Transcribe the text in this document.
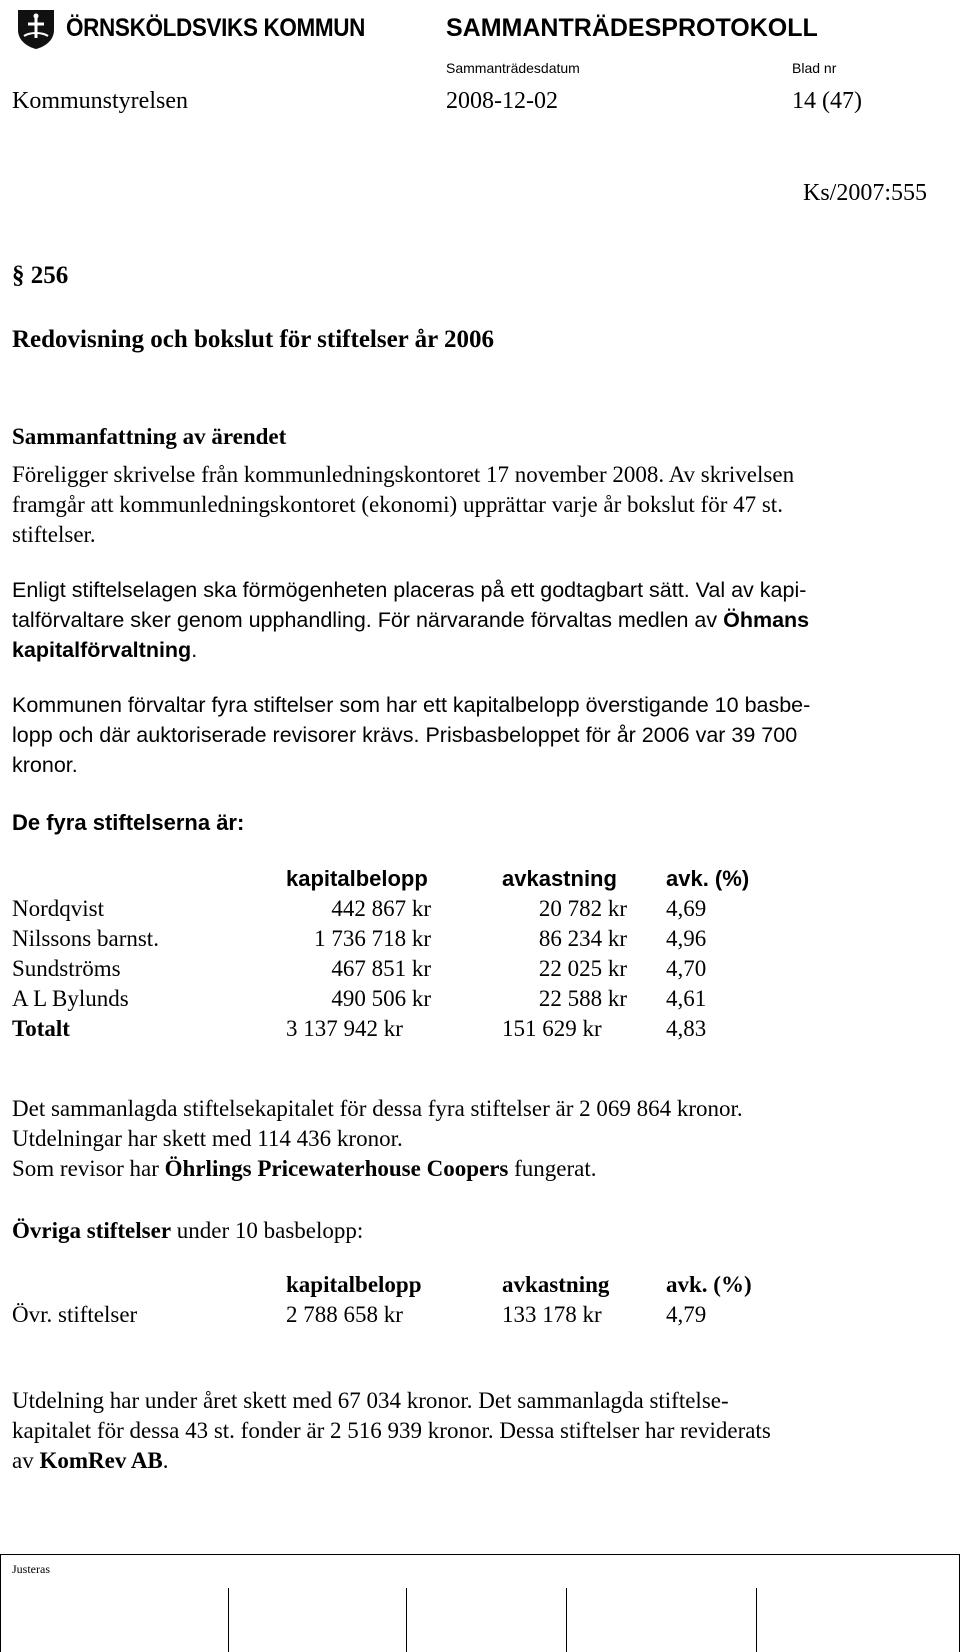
ÖRNSKÖLDSVIKS KOMMUN	SAMMANTRÄDESPROTOKOLL
Sammanträdesdatum	Blad nr
Kommunstyrelsen	2008-12-02	14 (47)
Ks/2007:555
§ 256
Redovisning och bokslut för stiftelser år 2006
Sammanfattning av ärendet

Föreligger skrivelse från kommunledningskontoret 17 november 2008. Av skrivelsen

framgår att kommunledningskontoret (ekonomi) upprättar varje år bokslut för 47 st.

stiftelser.

Enligt stiftelselagen ska förmögenheten placeras på ett godtagbart sätt. Val av kapi-

talförvaltare sker genom upphandling. För närvarande förvaltas medlen av Öhmans

kapitalförvaltning.

Kommunen förvaltar fyra stiftelser som har ett kapitalbelopp överstigande 10 basbe-

lopp och där auktoriserade revisorer krävs. Prisbasbeloppet för år 2006 var 39 700

kronor.

De fyra stiftelserna är:
kapitalbelopp	avkastning	avk. (%)
Nordqvist	442 867 kr	20 782 kr 4,69
Nilssons barnst.	1 736 718 kr	86 234 kr 4,96
Sundströms	467 851 kr	22 025 kr 4,70
A L Bylunds	490 506 kr	22 588 kr 4,61
Totalt	3 137 942 kr	151 629 kr	4,83

Det sammanlagda stiftelsekapitalet för dessa fyra stiftelser är 2 069 864 kronor.

Utdelningar har skett med 114 436 kronor.

Som revisor har Öhrlings Pricewaterhouse Coopers fungerat.

Övriga stiftelser under 10 basbelopp:
kapitalbelopp	avkastning	avk. (%)
Övr. stiftelser	2 788 658 kr	133 178 kr	4,79

Utdelning har under året skett med 67 034 kronor. Det sammanlagda stiftelse-

kapitalet för dessa 43 st. fonder är 2 516 939 kronor. Dessa stiftelser har reviderats

av KomRev AB.

Justeras
